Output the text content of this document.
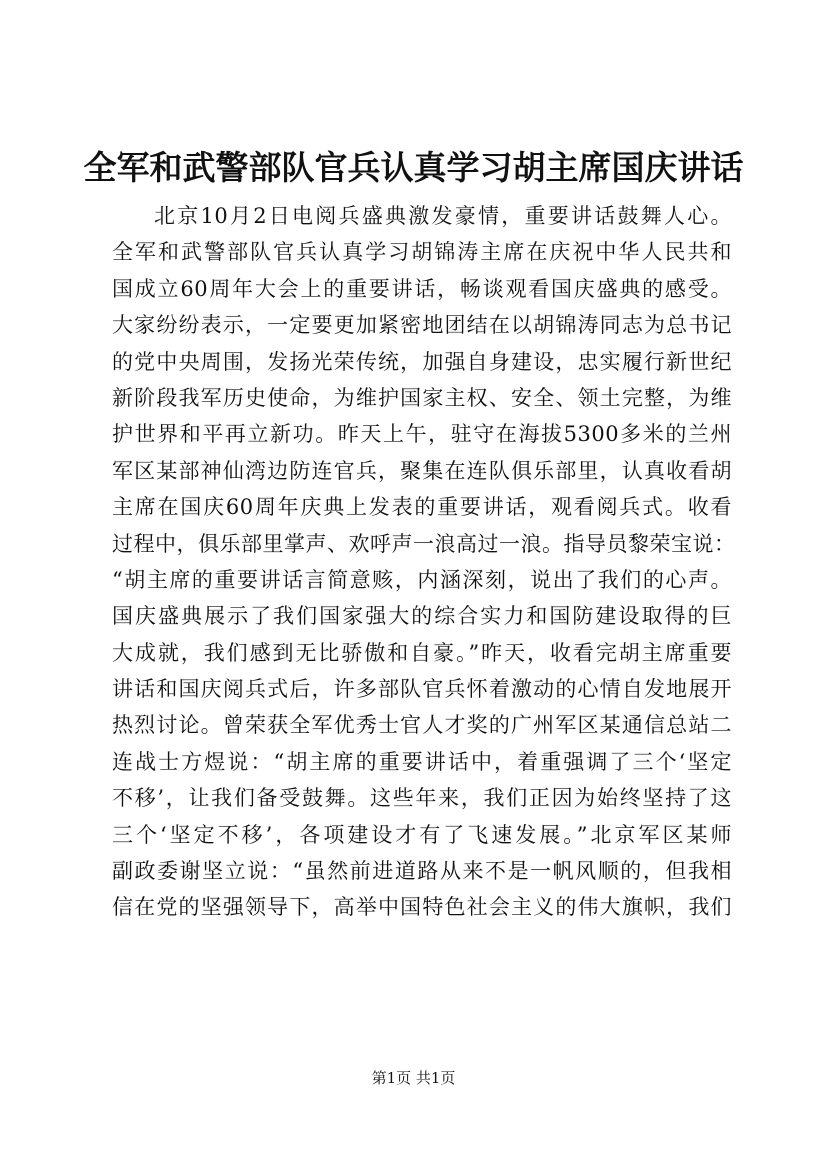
全军和武警部队官兵认真学习胡主席国庆讲话
北京10月2日电阅兵盛典激发豪情，重要讲话鼓舞人心。
全军和武警部队官兵认真学习胡锦涛主席在庆祝中华人民共和
国成立60周年大会上的重要讲话，畅谈观看国庆盛典的感受。
大家纷纷表示，一定要更加紧密地团结在以胡锦涛同志为总书记
的党中央周围，发扬光荣传统，加强自身建设，忠实履行新世纪
新阶段我军历史使命，为维护国家主权、安全、领土完整，为维
护世界和平再立新功。昨天上午，驻守在海拔5300多米的兰州
军区某部神仙湾边防连官兵，聚集在连队俱乐部里，认真收看胡
主席在国庆60周年庆典上发表的重要讲话，观看阅兵式。收看
过程中，俱乐部里掌声、欢呼声一浪高过一浪。指导员黎荣宝说：
“胡主席的重要讲话言简意赅，内涵深刻，说出了我们的心声。
国庆盛典展示了我们国家强大的综合实力和国防建设取得的巨
大成就，我们感到无比骄傲和自豪。”昨天，收看完胡主席重要
讲话和国庆阅兵式后，许多部队官兵怀着激动的心情自发地展开
热烈讨论。曾荣获全军优秀士官人才奖的广州军区某通信总站二
连战士方煜说：“胡主席的重要讲话中，着重强调了三个‘坚定
不移’，让我们备受鼓舞。这些年来，我们正因为始终坚持了这
三个‘坚定不移’，各项建设才有了飞速发展。”北京军区某师
副政委谢坚立说：“虽然前进道路从来不是一帆风顺的，但我相
信在党的坚强领导下，高举中国特色社会主义的伟大旗帜，我们
第1页 共1页
